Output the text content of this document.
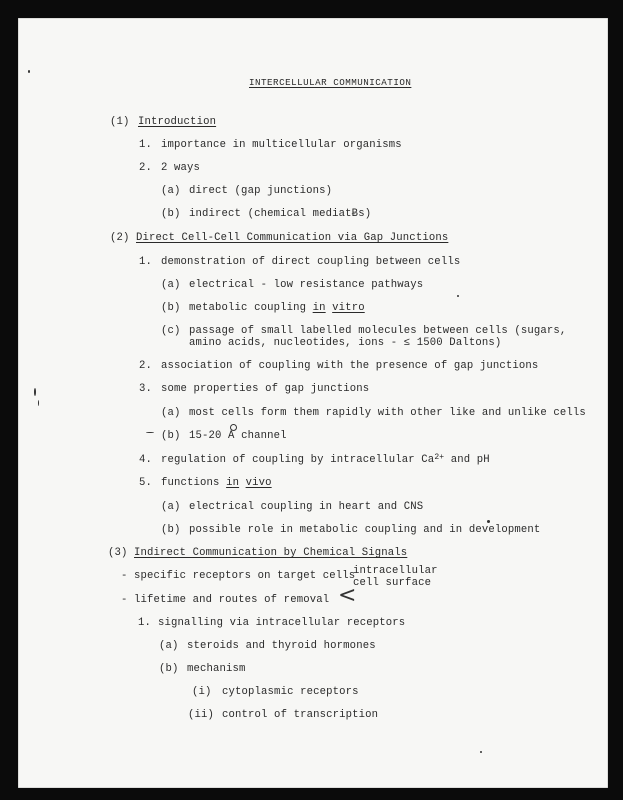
INTERCELLULAR COMMUNICATION
(1) Introduction
1. importance in multicellular organisms
2. 2 ways
(a) direct (gap junctions)
(b) indirect (chemical mediatɃs)
(2) Direct Cell-Cell Communication via Gap Junctions
1. demonstration of direct coupling between cells
(a) electrical - low resistance pathways
(b) metabolic coupling in vitro
(c) passage of small labelled molecules between cells (sugars,
amino acids, nucleotides, ions - ≤ 1500 Daltons)
2. association of coupling with the presence of gap junctions
3. some properties of gap junctions
(a) most cells form them rapidly with other like and unlike cells
(b) 15-20
A channel
4. regulation of coupling by intracellular $Ca^{2+}$ and pH
5. functions in vivo
(a) electrical coupling in heart and CNS
(b) possible role in metabolic coupling and in development
(3) Indirect Communication by Chemical Signals
- specific receptors on target cells
<
intracellular
cell surface
- lifetime and routes of removal
1. signalling via intracellular receptors
(a) steroids and thyroid hormones
(b) mechanism
(i) cytoplasmic receptors
(ii) control of transcription
